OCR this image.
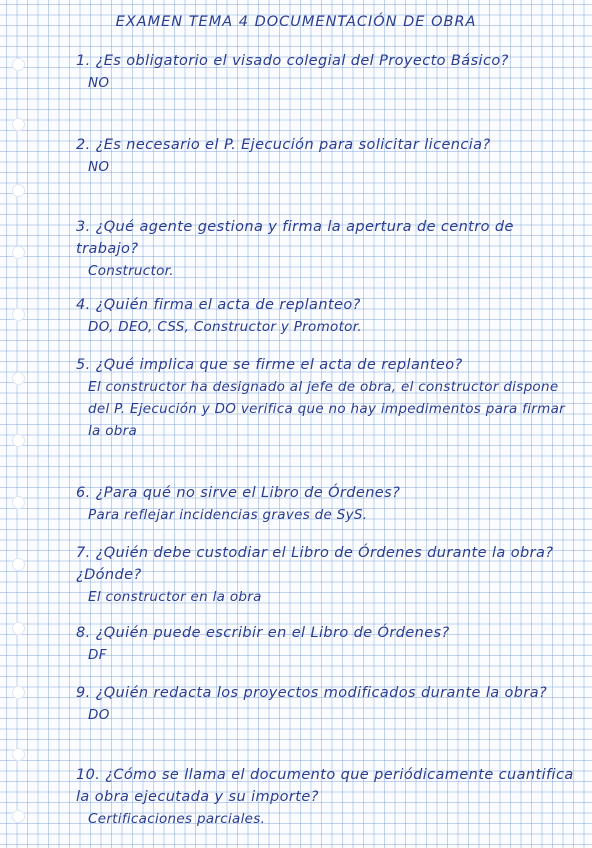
EXAMEN TEMA 4 DOCUMENTACIÓN DE OBRA

1. ¿Es obligatorio el visado colegial del Proyecto Básico?

NO

2. ¿Es necesario el P. Ejecución para solicitar licencia?

NO

3. ¿Qué agente gestiona y firma la apertura de centro de trabajo?

Constructor.

4. ¿Quién firma el acta de replanteo?

DO, DEO, CSS, Constructor y Promotor.

5. ¿Qué implica que se firme el acta de replanteo?

El constructor ha designado al jefe de obra, el constructor dispone del P. Ejecución y DO verifica que no hay impedimentos para firmar la obra

6. ¿Para qué no sirve el Libro de Órdenes?

Para reflejar incidencias graves de SyS.

7. ¿Quién debe custodiar el Libro de Órdenes durante la obra? ¿Dónde?

El constructor en la obra

8. ¿Quién puede escribir en el Libro de Órdenes?

DF

9. ¿Quién redacta los proyectos modificados durante la obra?

DO

10. ¿Cómo se llama el documento que periódicamente cuantifica la obra ejecutada y su importe?

Certificaciones parciales.
